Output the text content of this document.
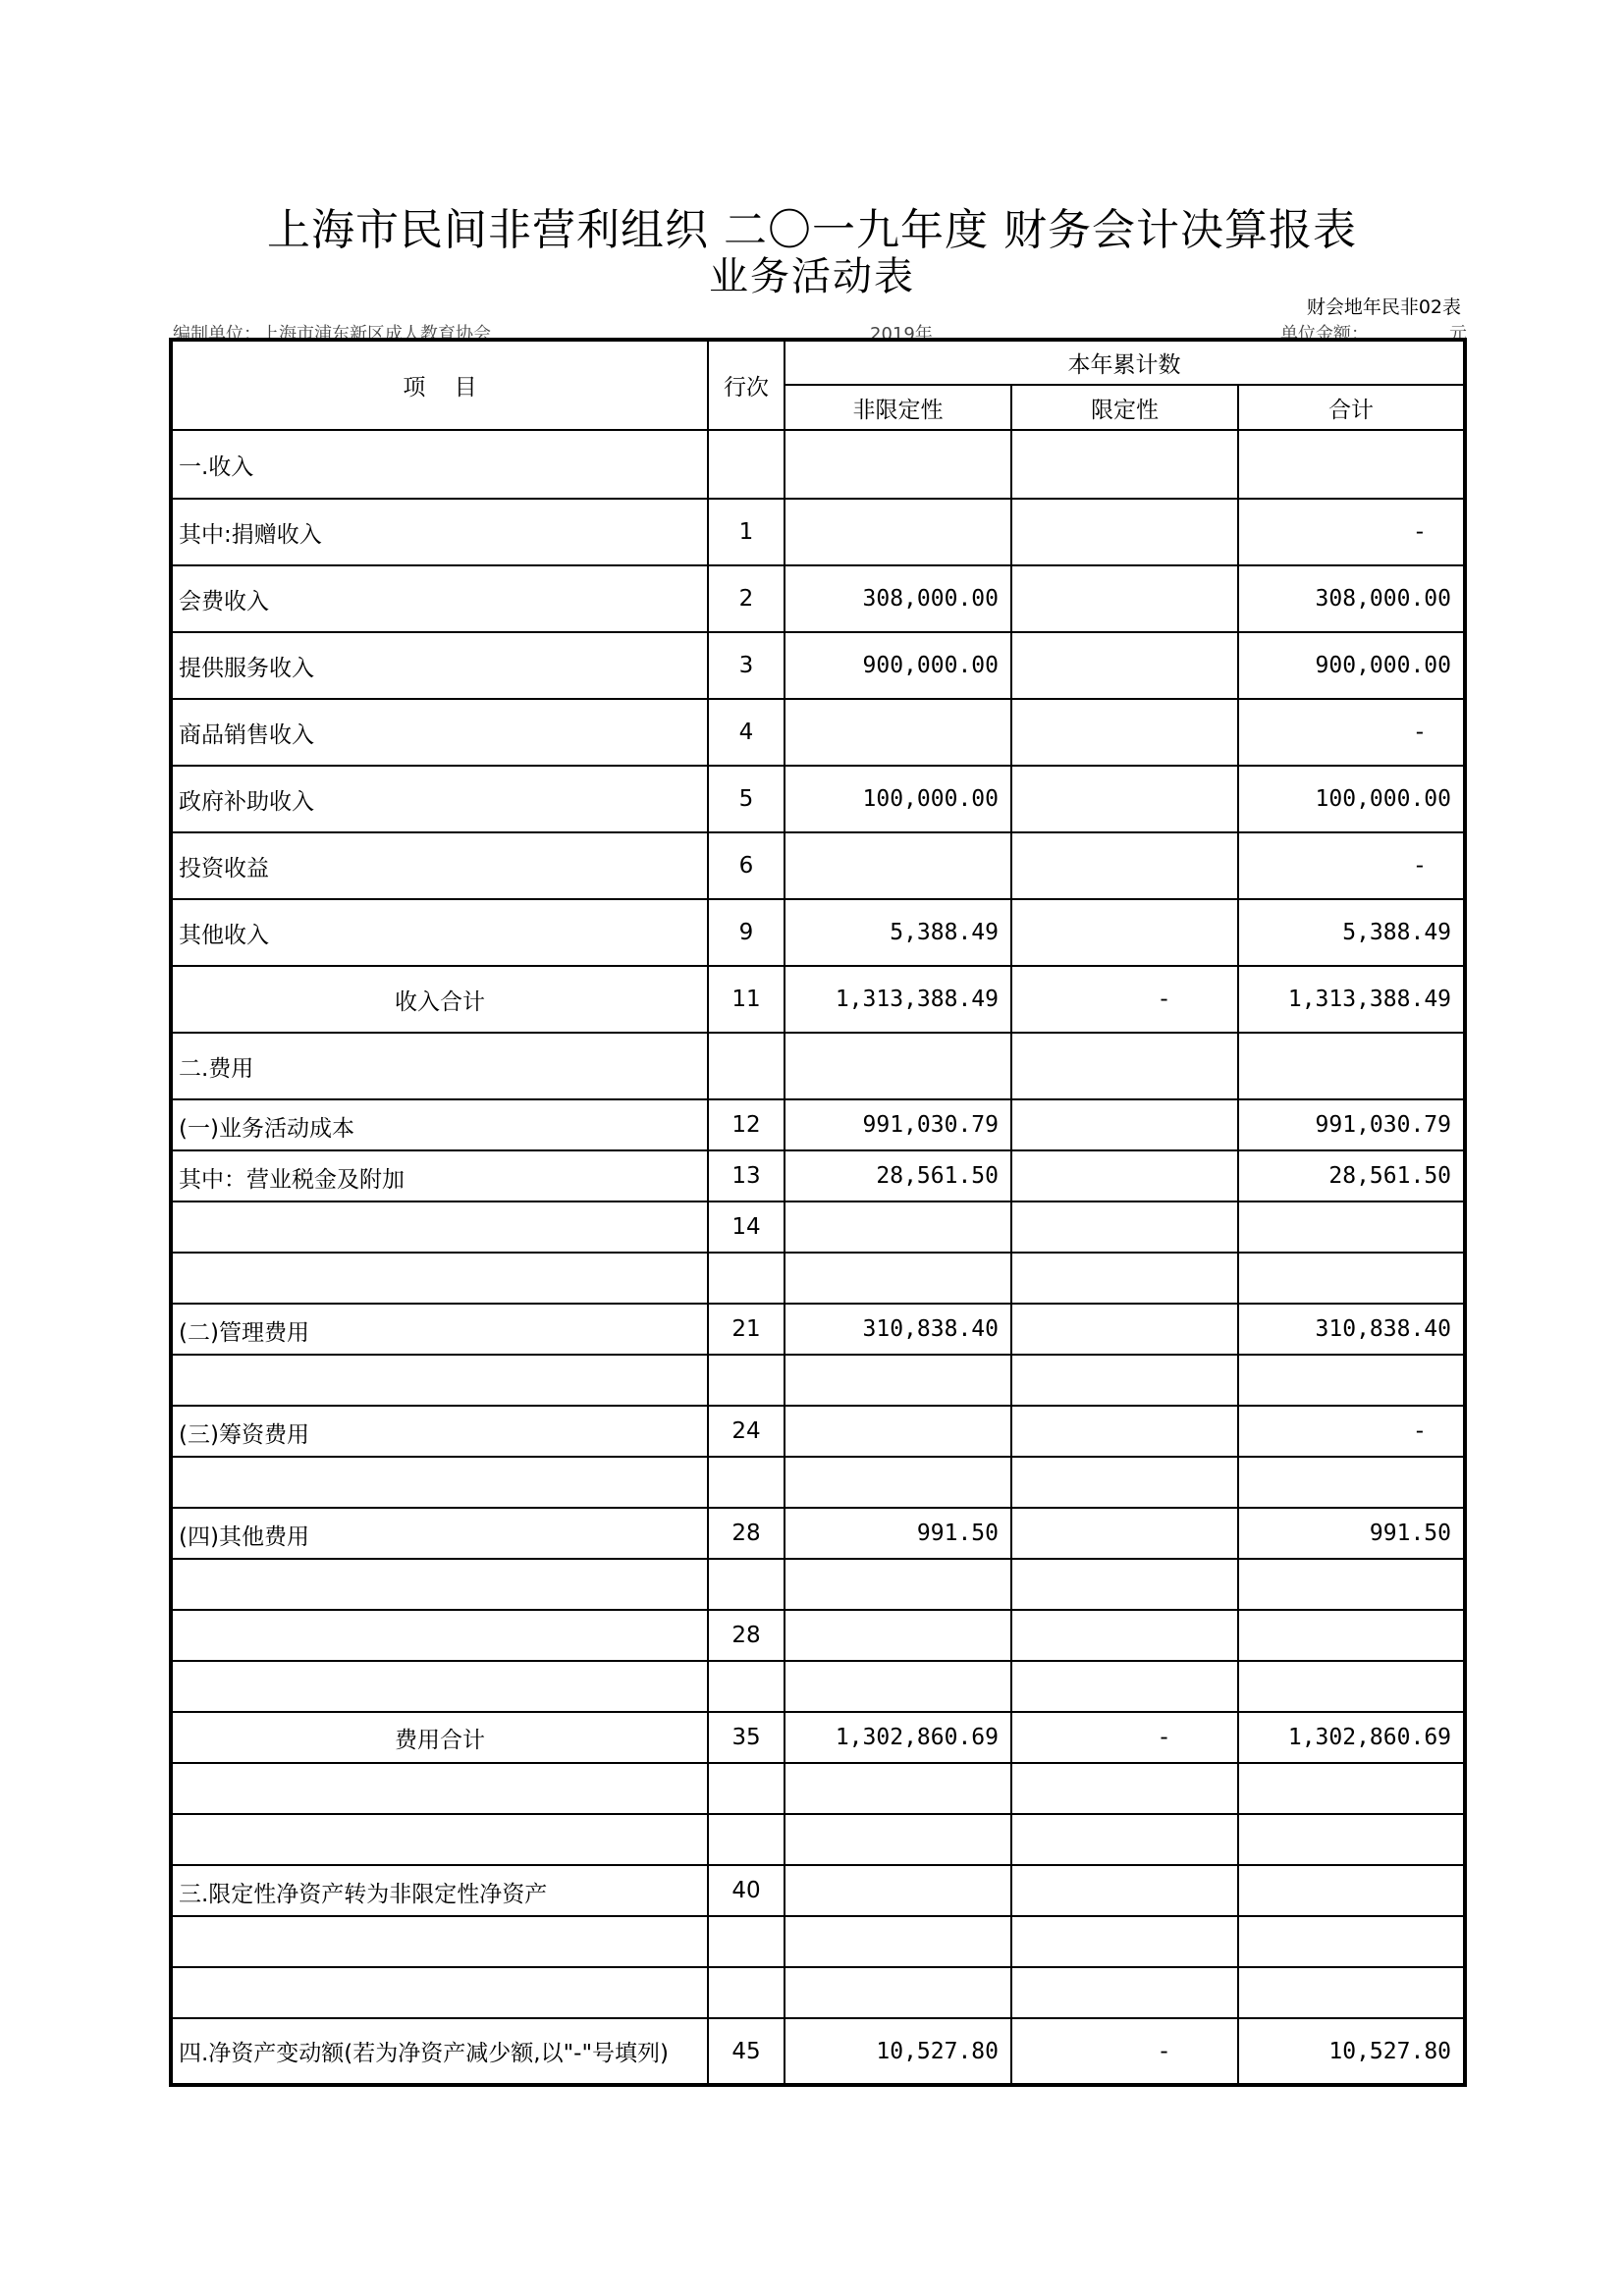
上海市民间非营利组织 二〇一九年度 财务会计决算报表
业务活动表
财会地年民非02表
编制单位：上海市浦东新区成人教育协会	2019年	单位金额：	元
项    目	行次	本年累计数		
		非限定性	限定性	合计
一.收入				
其中:捐赠收入	1			-
会费收入	2	308,000.00		308,000.00
提供服务收入	3	900,000.00		900,000.00
商品销售收入	4			-
政府补助收入	5	100,000.00		100,000.00
投资收益	6			-
其他收入	9	5,388.49		5,388.49
收入合计	11	1,313,388.49	-	1,313,388.49
二.费用				
(一)业务活动成本	12	991,030.79		991,030.79
其中：营业税金及附加	13	28,561.50		28,561.50
	14			

(二)管理费用	21	310,838.40		310,838.40

(三)筹资费用	24			-

(四)其他费用	28	991.50		991.50

	28			

费用合计	35	1,302,860.69	-	1,302,860.69

三.限定性净资产转为非限定性净资产	40			

四.净资产变动额(若为净资产减少额,以"-"号填列)	45	10,527.80	-	10,527.80
